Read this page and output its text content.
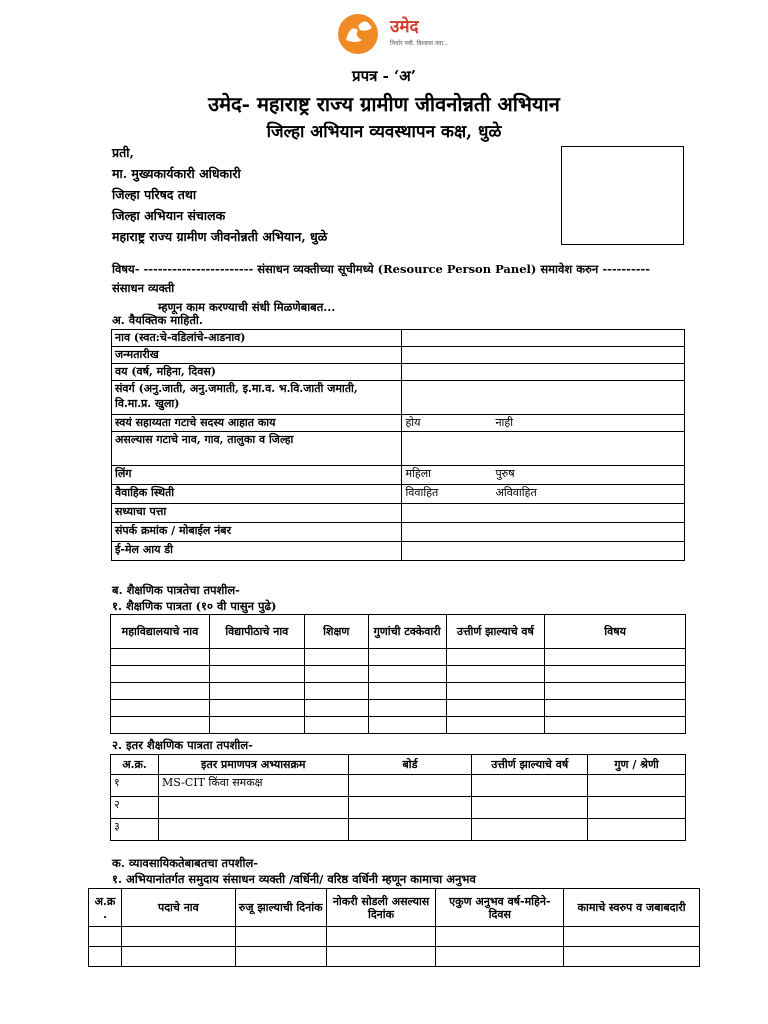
उमेद
निर्धार नवी, विश्वास नवा...
प्रपत्र - ‘अ’
उमेद- महाराष्ट्र राज्य ग्रामीण जीवनोन्नती अभियान
जिल्हा अभियान व्यवस्थापन कक्ष, धुळे
प्रती,
मा. मुख्यकार्यकारी अधिकारी
जिल्हा परिषद तथा
जिल्हा अभियान संचालक
महाराष्ट्र राज्य ग्रामीण जीवनोन्नती अभियान, धुळे
विषय- ----------------------- संसाधन व्यक्तीच्या सूचीमध्ये (Resource Person Panel) समावेश करुन ---------- संसाधन व्यक्ती
म्हणून काम करण्याची संधी मिळणेबाबत...
अ. वैयक्तिक माहिती.
नाव (स्वत:चे-वडिलांचे-आडनाव)	
जन्मतारीख	
वय (वर्ष, महिना, दिवस)	

संवर्ग (अनु.जाती, अनु.जमाती, इ.मा.व. भ.वि.जाती जमाती,
वि.मा.प्र. खुला)	

स्वयं सहाय्यता गटाचे सदस्य आहात काय	होय नाही
असल्यास गटाचे नाव, गाव, तालुका व जिल्हा	
लिंग	महिला पुरुष
वैवाहिक स्थिती	विवाहित अविवाहित
सध्याचा पत्ता	
संपर्क क्रमांक / मोबाईल नंबर	
ई-मेल आय डी	
ब. शैक्षणिक पात्रतेचा तपशील-
१. शैक्षणिक पात्रता (१० वी पासुन पुढे)
महाविद्यालयाचे नाव	विद्यापीठाचे नाव	शिक्षण	गुणांची टक्केवारी	उत्तीर्ण झाल्याचे वर्ष	विषय

२. इतर शैक्षणिक पात्रता तपशील-
अ.क्र.	इतर प्रमाणपत्र अभ्यासक्रम	बोर्ड	उत्तीर्ण झाल्याचे वर्ष	गुण / श्रेणी
१	MS-CIT किंवा समकक्ष			
२				
३				
क. व्यावसायिकतेबाबतचा तपशील-
१. अभियानांतर्गत समुदाय संसाधन व्यक्ती /वर्धिनी/ वरिष्ठ वर्धिनी म्हणून कामाचा अनुभव
अ.क्र .	पदाचे नाव	रुजू झाल्याची दिनांक	नोकरी सोडली असल्यास दिनांक	एकुण अनुभव वर्ष-महिने-दिवस	कामाचे स्वरुप व जबाबदारी
